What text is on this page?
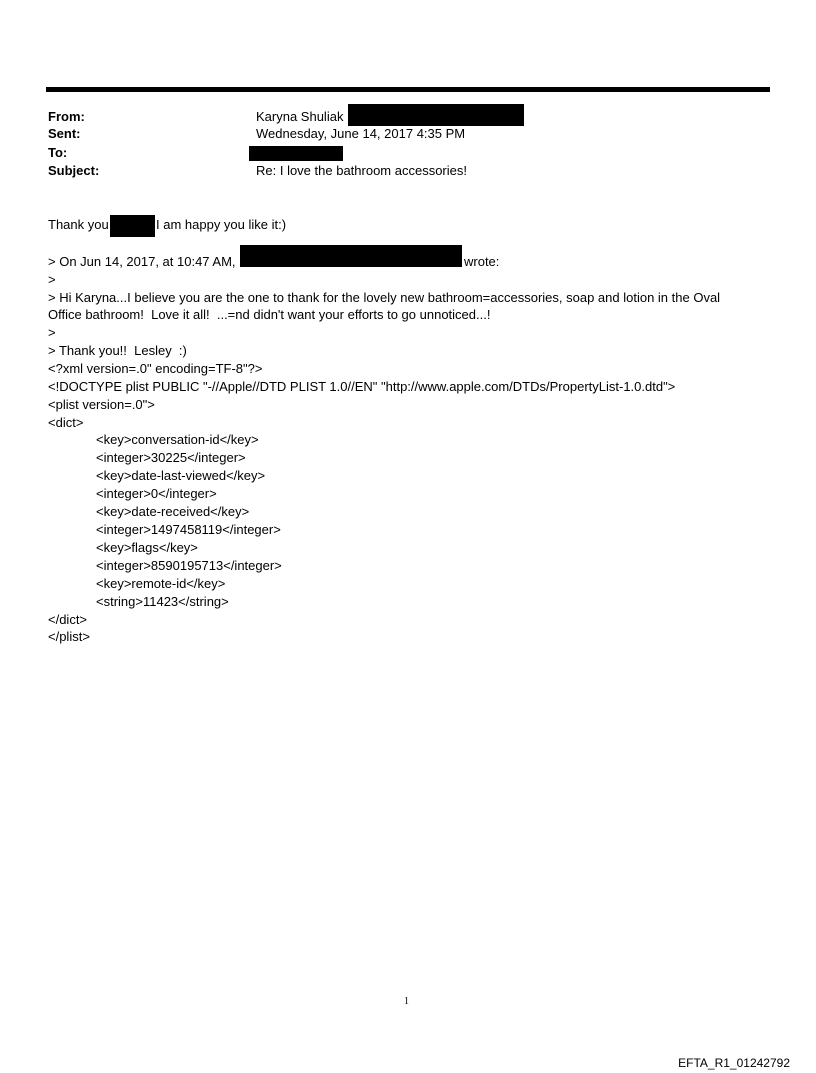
From:	Karyna Shuliak
Sent:	Wednesday, June 14, 2017 4:35 PM
To:
Subject:	Re: I love the bathroom accessories!
Thank you	I am happy you like it:)
> On Jun 14, 2017, at 10:47 AM,	wrote:
>
> Hi Karyna...I believe you are the one to thank for the lovely new bathroom=accessories, soap and lotion in the Oval
Office bathroom!  Love it all!  ...=nd didn't want your efforts to go unnoticed...!
>
> Thank you!!  Lesley  :)
<?xml version=.0" encoding=TF-8"?>
<!DOCTYPE plist PUBLIC "-//Apple//DTD PLIST 1.0//EN" "http://www.apple.com/DTDs/PropertyList-1.0.dtd">
<plist version=.0">
<dict>
<key>conversation-id</key>
<integer>30225</integer>
<key>date-last-viewed</key>
<integer>0</integer>
<key>date-received</key>
<integer>1497458119</integer>
<key>flags</key>
<integer>8590195713</integer>
<key>remote-id</key>
<string>11423</string>
</dict>
</plist>
1
EFTA_R1_01242792
